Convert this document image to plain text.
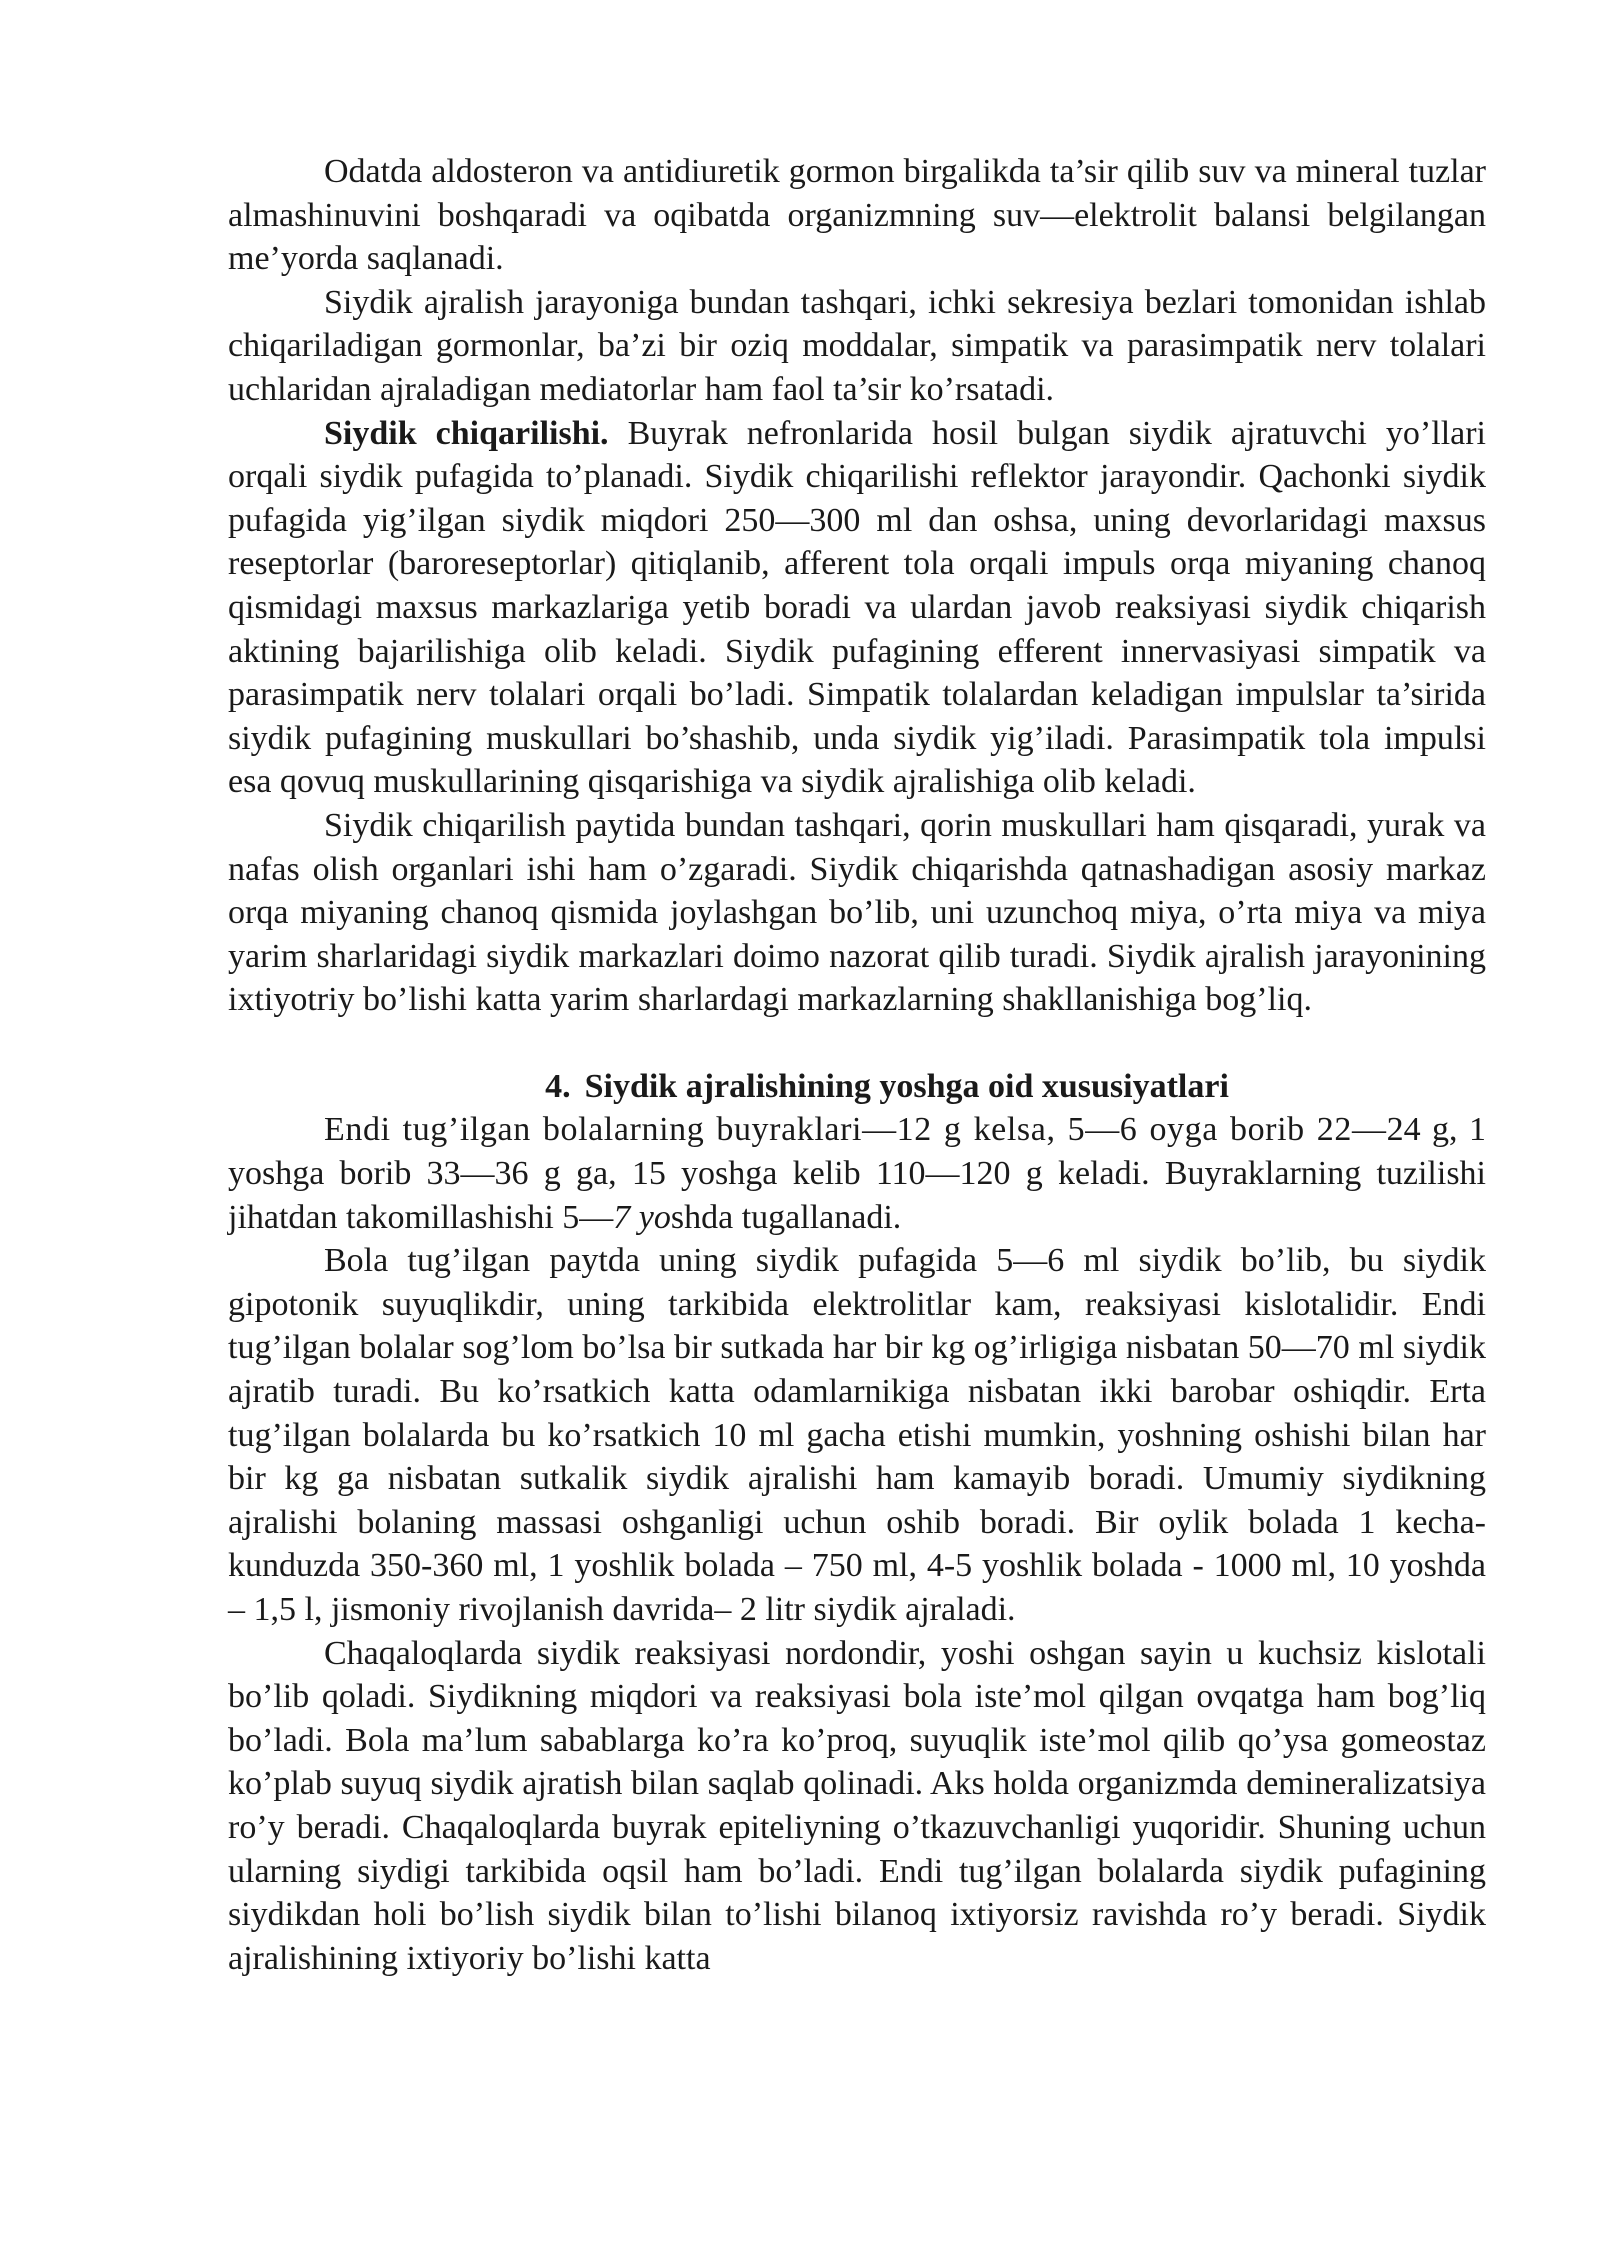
Odatda aldosteron va antidiuretik gormon birgalikda ta’sir qilib suv va mineral tuzlar almashinuvini boshqaradi va oqibatda organizmning suv—elektrolit balansi belgilangan me’yorda saqlanadi.

Siydik ajralish jarayoniga bundan tashqari, ichki sekresiya bezlari tomonidan ishlab chiqariladigan gormonlar, ba’zi bir oziq moddalar, simpatik va parasimpatik nerv tolalari uchlaridan ajraladigan mediatorlar ham faol ta’sir ko’rsatadi.

Siydik chiqarilishi. Buyrak nefronlarida hosil bulgan siydik ajratuvchi yo’llari orqali siydik pufagida to’planadi. Siydik chiqarilishi reflektor jarayondir. Qachonki siydik pufagida yig’ilgan siydik miqdori 250—300 ml dan oshsa, uning devorlaridagi maxsus reseptorlar (baroreseptorlar) qitiqlanib, afferent tola orqali impuls orqa miyaning chanoq qismidagi maxsus markazlariga yetib boradi va ulardan javob reaksiyasi siydik chiqarish aktining bajarilishiga olib keladi. Siydik pufagining efferent innervasiyasi simpatik va parasimpatik nerv tolalari orqali bo’ladi. Simpatik tolalardan keladigan impulslar ta’sirida siydik pufagining muskullari bo’shashib, unda siydik yig’iladi. Parasimpatik tola impulsi esa qovuq muskullarining qisqarishiga va siydik ajralishiga olib keladi.

Siydik chiqarilish paytida bundan tashqari, qorin muskullari ham qisqaradi, yurak va nafas olish organlari ishi ham o’zgaradi. Siydik chiqarishda qatnashadigan asosiy markaz orqa miyaning chanoq qismida joylashgan bo’lib, uni uzunchoq miya, o’rta miya va miya yarim sharlaridagi siydik markazlari doimo nazorat qilib turadi. Siydik ajralish jarayonining ixtiyotriy bo’lishi katta yarim sharlardagi markazlarning shakllanishiga bog’liq.

4. Siydik ajralishining yoshga oid xususiyatlari

Endi tug’ilgan bolalarning buyraklari—12 g kelsa, 5—6 oyga borib 22—24 g, 1 yoshga borib 33—36 g ga, 15 yoshga kelib 110—120 g keladi. Buyraklarning tuzilishi jihatdan takomillashishi 5—7 yoshda tugallanadi.

Bola tug’ilgan paytda uning siydik pufagida 5—6 ml siydik bo’lib, bu siydik gipotonik suyuqlikdir, uning tarkibida elektrolitlar kam, reaksiyasi kislotalidir. Endi tug’ilgan bolalar sog’lom bo’lsa bir sutkada har bir kg og’irligiga nisbatan 50—70 ml siydik ajratib turadi. Bu ko’rsatkich katta odamlarnikiga nisbatan ikki barobar oshiqdir. Erta tug’ilgan bolalarda bu ko’rsatkich 10 ml gacha etishi mumkin, yoshning oshishi bilan har bir kg ga nisbatan sutkalik siydik ajralishi ham kamayib boradi. Umumiy siydikning ajralishi bolaning massasi oshganligi uchun oshib boradi. Bir oylik bolada 1 kecha-kunduzda 350-360 ml, 1 yoshlik bolada – 750 ml, 4-5 yoshlik bolada - 1000 ml, 10 yoshda – 1,5 l, jismoniy rivojlanish davrida– 2 litr siydik ajraladi.

Chaqaloqlarda siydik reaksiyasi nordondir, yoshi oshgan sayin u kuchsiz kislotali bo’lib qoladi. Siydikning miqdori va reaksiyasi bola iste’mol qilgan ovqatga ham bog’liq bo’ladi. Bola ma’lum sabablarga ko’ra ko’proq, suyuqlik iste’mol qilib qo’ysa gomeostaz ko’plab suyuq siydik ajratish bilan saqlab qolinadi. Aks holda organizmda demineralizatsiya ro’y beradi. Chaqaloqlarda buyrak epiteliyning o’tkazuvchanligi yuqoridir. Shuning uchun ularning siydigi tarkibida oqsil ham bo’ladi. Endi tug’ilgan bolalarda siydik pufagining siydikdan holi bo’lish siydik bilan to’lishi bilanoq ixtiyorsiz ravishda ro’y beradi. Siydik ajralishining ixtiyoriy bo’lishi katta
